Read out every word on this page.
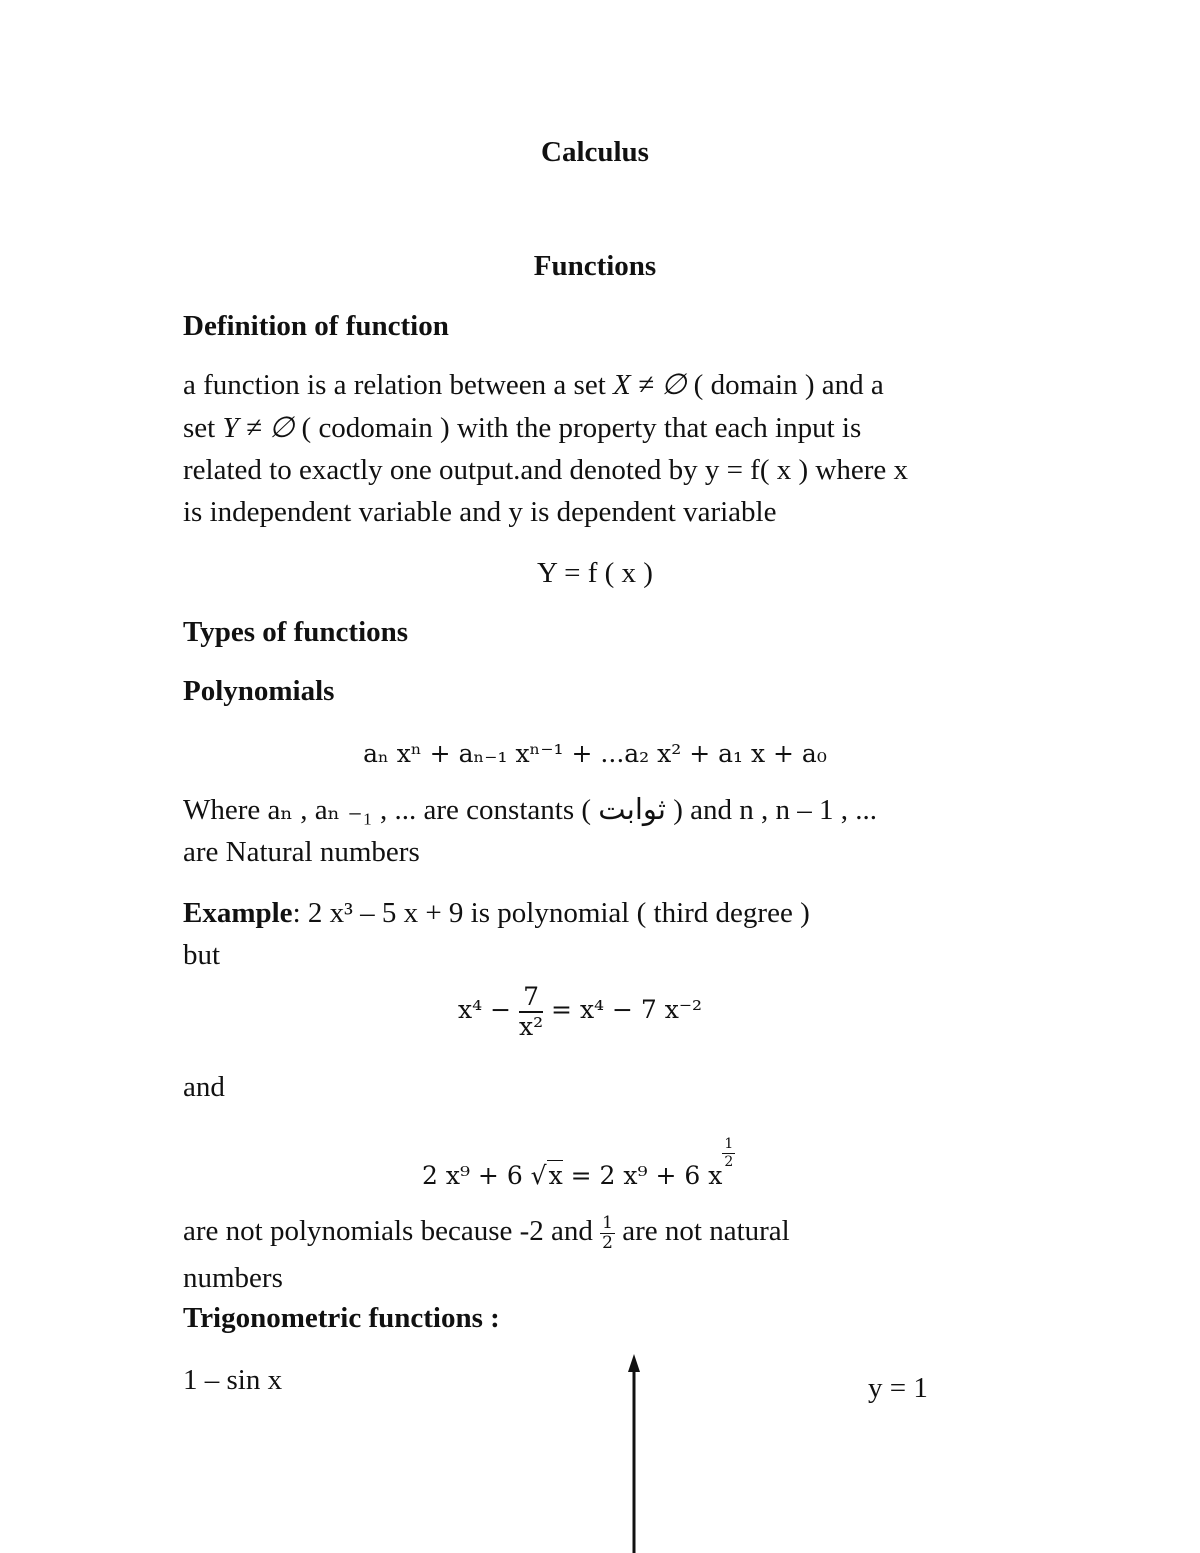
Calculus
Functions
Definition of function
a function is a relation between a set X ≠ ∅ ( domain ) and a
set Y ≠ ∅ ( codomain ) with the property that each input is
related to exactly one output.and denoted by y = f( x ) where x
is independent variable and y is dependent variable
Y = f ( x )
Types of functions
Polynomials
aₙ xⁿ + aₙ₋₁ xⁿ⁻¹ + ...a₂ x² + a₁ x + a₀
Where aₙ , aₙ ₋₁ , ... are constants ( ثوابت ) and n , n – 1 , ...
are Natural numbers
Example: 2 x³ – 5 x + 9 is polynomial ( third degree )
but
$x^4 - \frac{7}{\text{x²}} = x^4 - 7$ x⁻²
and
2 x⁹ + 6 √x = 2 x⁹ + 6 x
$\frac{1}{2}$
are not polynomials because -2 and $\frac{1}{2}$ are not natural
numbers
Trigonometric functions :
1 – sin x	y = 1
